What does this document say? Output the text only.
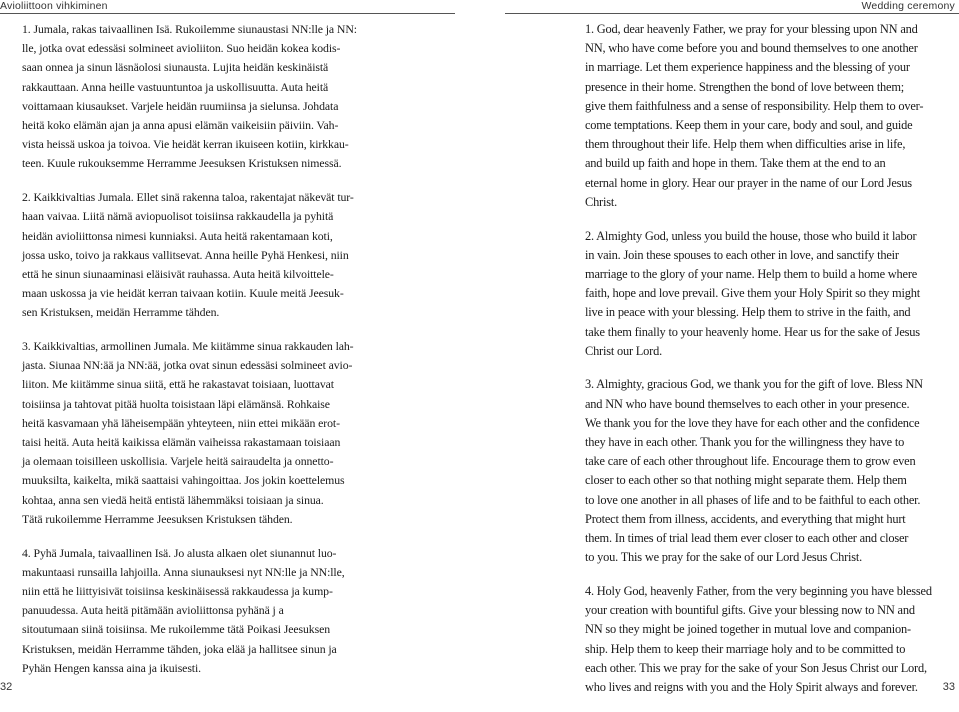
Avioliittoon vihkiminen	Wedding ceremony
1. Jumala, rakas taivaallinen Isä. Rukoilemme siunaustasi NN:lle ja NN:
lle, jotka ovat edessäsi solmineet avioliiton. Suo heidän kokea kodis-
saan onnea ja sinun läsnäolosi siunausta. Lujita heidän keskinäistä
rakkauttaan. Anna heille vastuuntuntoa ja uskollisuutta. Auta heitä
voittamaan kiusaukset. Varjele heidän ruumiinsa ja sielunsa. Johdata
heitä koko elämän ajan ja anna apusi elämän vaikeisiin päiviin. Vah-
vista heissä uskoa ja toivoa. Vie heidät kerran ikuiseen kotiin, kirkkau-
teen. Kuule rukouksemme Herramme Jeesuksen Kristuksen nimessä.
2. Kaikkivaltias Jumala. Ellet sinä rakenna taloa, rakentajat näkevät tur-
haan vaivaa. Liitä nämä aviopuolisot toisiinsa rakkaudella ja pyhitä
heidän avioliittonsa nimesi kunniaksi. Auta heitä rakentamaan koti,
jossa usko, toivo ja rakkaus vallitsevat. Anna heille Pyhä Henkesi, niin
että he sinun siunaaminasi eläisivät rauhassa. Auta heitä kilvoittele-
maan uskossa ja vie heidät kerran taivaan kotiin. Kuule meitä Jeesuk-
sen Kristuksen, meidän Herramme tähden.
3. Kaikkivaltias, armollinen Jumala. Me kiitämme sinua rakkauden lah-
jasta. Siunaa NN:ää ja NN:ää, jotka ovat sinun edessäsi solmineet avio-
liiton. Me kiitämme sinua siitä, että he rakastavat toisiaan, luottavat
toisiinsa ja tahtovat pitää huolta toisistaan läpi elämänsä. Rohkaise
heitä kasvamaan yhä läheisempään yhteyteen, niin ettei mikään erot-
taisi heitä. Auta heitä kaikissa elämän vaiheissa rakastamaan toisiaan
ja olemaan toisilleen uskollisia. Varjele heitä sairaudelta ja onnetto-
muuksilta, kaikelta, mikä saattaisi vahingoittaa. Jos jokin koettelemus
kohtaa, anna sen viedä heitä entistä lähemmäksi toisiaan ja sinua.
Tätä rukoilemme Herramme Jeesuksen Kristuksen tähden.
4. Pyhä Jumala, taivaallinen Isä. Jo alusta alkaen olet siunannut luo-
makuntaasi runsailla lahjoilla. Anna siunauksesi nyt NN:lle ja NN:lle,
niin että he liittyisivät toisiinsa keskinäisessä rakkaudessa ja kump-
panuudessa. Auta heitä pitämään avioliittonsa pyhänä j a
sitoutumaan siinä toisiinsa. Me rukoilemme tätä Poikasi Jeesuksen
Kristuksen, meidän Herramme tähden, joka elää ja hallitsee sinun ja
Pyhän Hengen kanssa aina ja ikuisesti.
1. God, dear heavenly Father, we pray for your blessing upon NN and
NN, who have come before you and bound themselves to one another
in marriage. Let them experience happiness and the blessing of your
presence in their home. Strengthen the bond of love between them;
give them faithfulness and a sense of responsibility. Help them to over-
come temptations. Keep them in your care, body and soul, and guide
them throughout their life. Help them when difficulties arise in life,
and build up faith and hope in them. Take them at the end to an
eternal home in glory. Hear our prayer in the name of our Lord Jesus
Christ.
2. Almighty God, unless you build the house, those who build it labor
in vain. Join these spouses to each other in love, and sanctify their
marriage to the glory of your name. Help them to build a home where
faith, hope and love prevail. Give them your Holy Spirit so they might
live in peace with your blessing. Help them to strive in the faith, and
take them finally to your heavenly home. Hear us for the sake of Jesus
Christ our Lord.
3. Almighty, gracious God, we thank you for the gift of love. Bless NN
and NN who have bound themselves to each other in your presence.
We thank you for the love they have for each other and the confidence
they have in each other. Thank you for the willingness they have to
take care of each other throughout life. Encourage them to grow even
closer to each other so that nothing might separate them. Help them
to love one another in all phases of life and to be faithful to each other.
Protect them from illness, accidents, and everything that might hurt
them. In times of trial lead them ever closer to each other and closer
to you. This we pray for the sake of our Lord Jesus Christ.
4. Holy God, heavenly Father, from the very beginning you have blessed
your creation with bountiful gifts. Give your blessing now to NN and
NN so they might be joined together in mutual love and companion-
ship. Help them to keep their marriage holy and to be committed to
each other. This we pray for the sake of your Son Jesus Christ our Lord,
who lives and reigns with you and the Holy Spirit always and forever.
32	33
